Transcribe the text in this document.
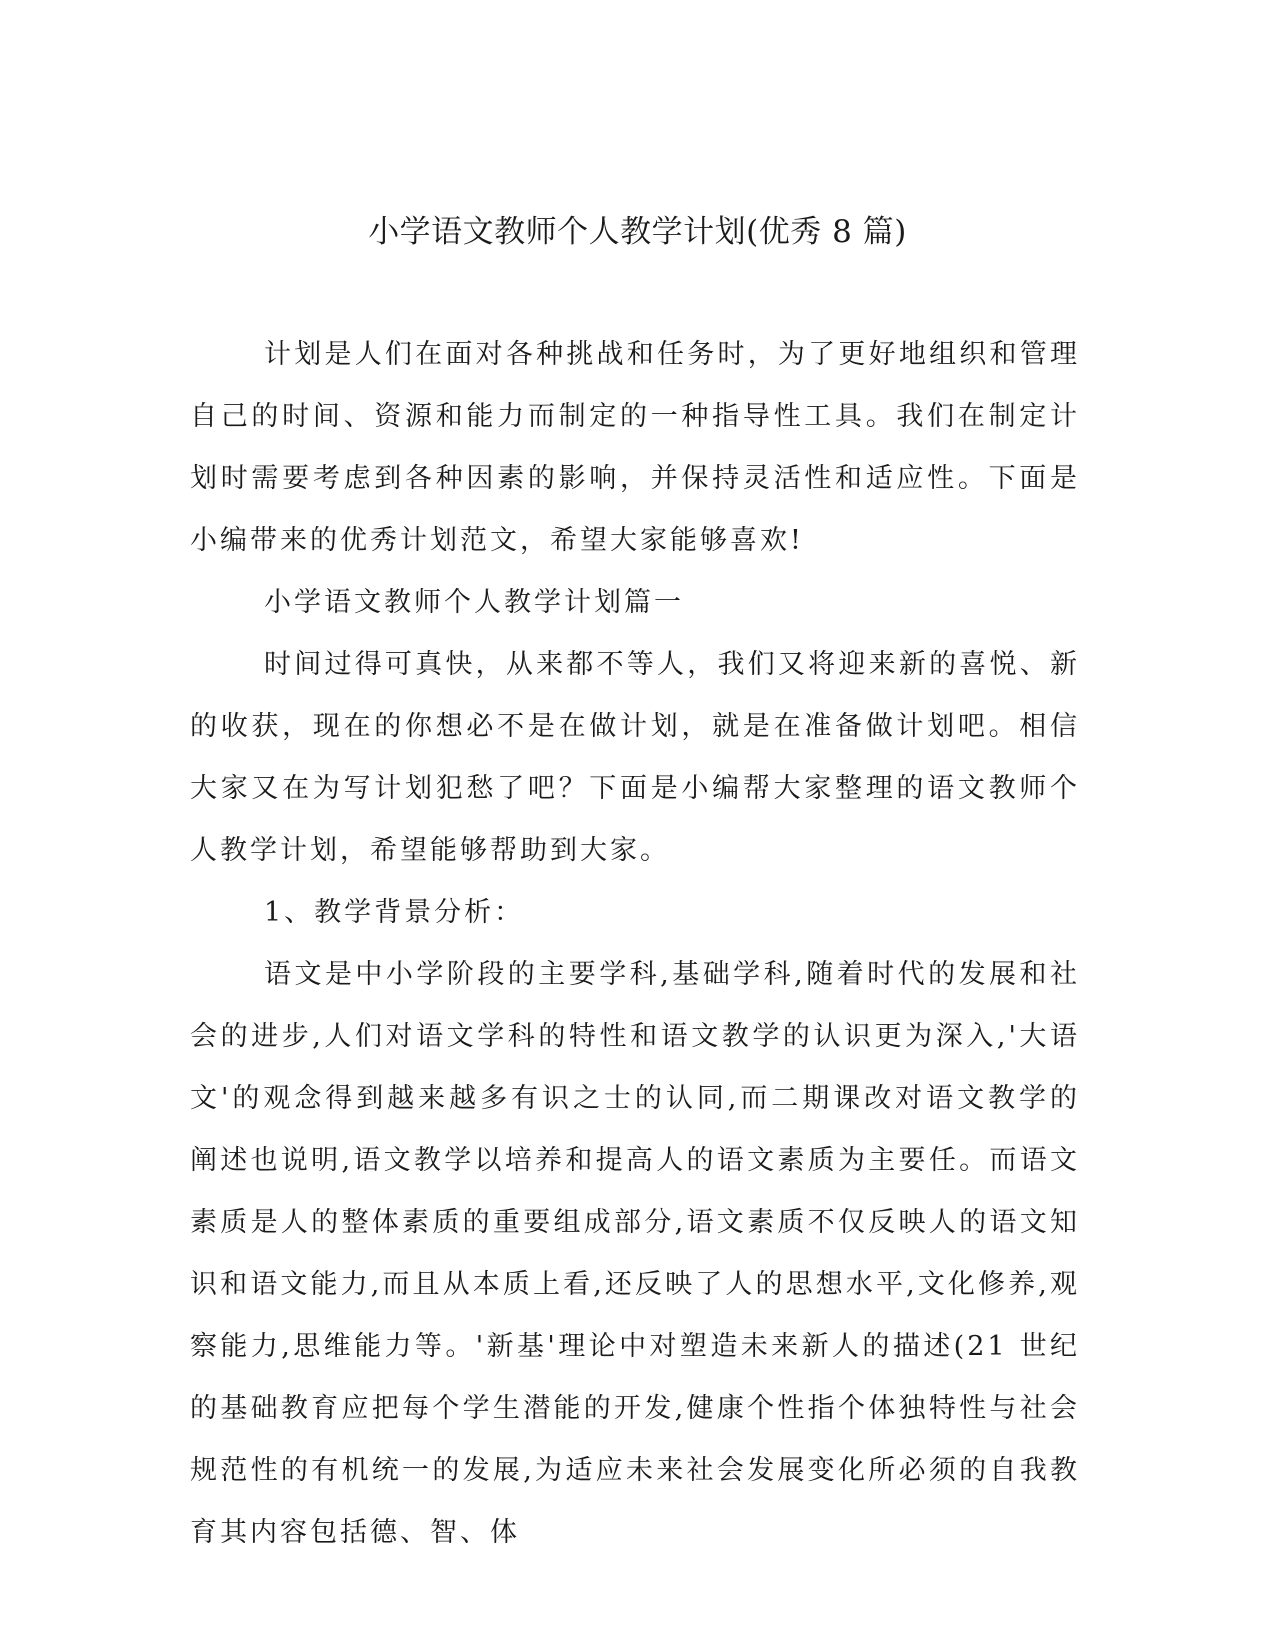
小学语文教师个人教学计划(优秀 8 篇)

计划是人们在面对各种挑战和任务时，为了更好地组织和管理自己的时间、资源和能力而制定的一种指导性工具。我们在制定计划时需要考虑到各种因素的影响，并保持灵活性和适应性。下面是小编带来的优秀计划范文，希望大家能够喜欢!

小学语文教师个人教学计划篇一

时间过得可真快，从来都不等人，我们又将迎来新的喜悦、新的收获，现在的你想必不是在做计划，就是在准备做计划吧。相信大家又在为写计划犯愁了吧？下面是小编帮大家整理的语文教师个人教学计划，希望能够帮助到大家。

1、教学背景分析：

语文是中小学阶段的主要学科,基础学科,随着时代的发展和社会的进步,人们对语文学科的特性和语文教学的认识更为深入,'大语文'的观念得到越来越多有识之士的认同,而二期课改对语文教学的阐述也说明,语文教学以培养和提高人的语文素质为主要任。而语文素质是人的整体素质的重要组成部分,语文素质不仅反映人的语文知识和语文能力,而且从本质上看,还反映了人的思想水平,文化修养,观察能力,思维能力等。'新基'理论中对塑造未来新人的描述(21 世纪的基础教育应把每个学生潜能的开发,健康个性指个体独特性与社会规范性的有机统一的发展,为适应未来社会发展变化所必须的自我教育其内容包括德、智、体
